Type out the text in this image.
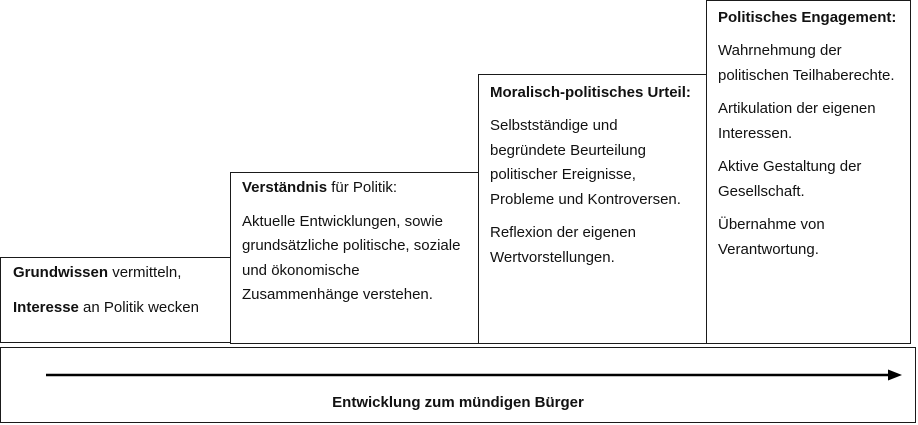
Grundwissen vermitteln,

Interesse an Politik wecken

Verständnis für Politik:

Aktuelle Entwicklungen, sowie grundsätzliche politische, soziale und ökonomische Zusammenhänge verstehen.

Moralisch-politisches Urteil:

Selbstständige und begründete Beurteilung politischer Ereignisse, Probleme und Kontroversen.

Reflexion der eigenen Wertvorstellungen.

Politisches Engagement:

Wahrnehmung der politischen Teilhaberechte.

Artikulation der eigenen Interessen.

Aktive Gestaltung der Gesellschaft.

Übernahme von Verantwortung.

Entwicklung zum mündigen Bürger
